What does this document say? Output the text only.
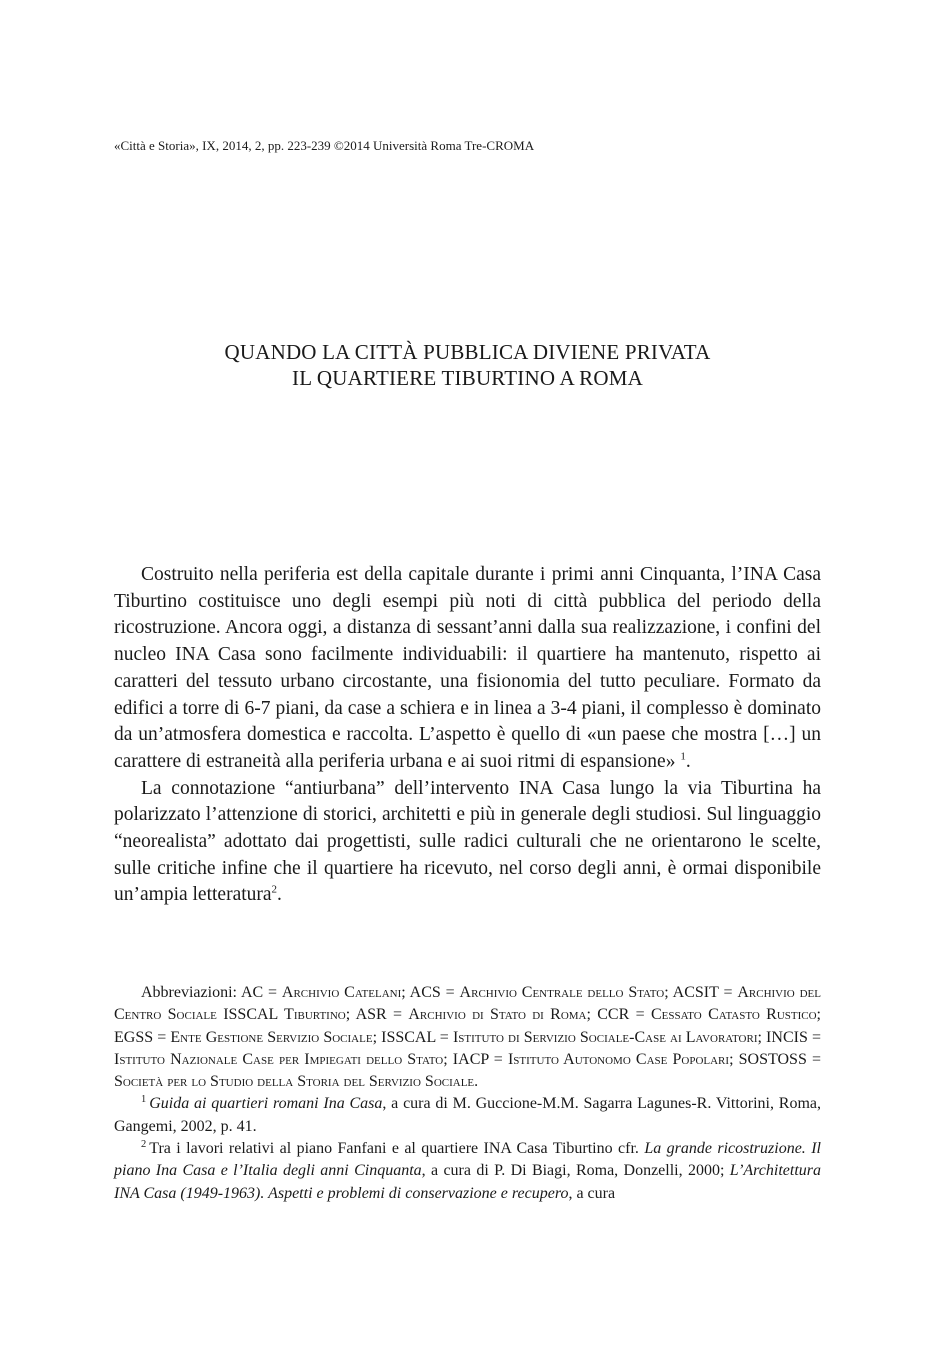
«Città e Storia», IX, 2014, 2, pp. 223-239 ©2014 Università Roma Tre-CROMA
QUANDO LA CITTÀ PUBBLICA DIVIENE PRIVATA
IL QUARTIERE TIBURTINO A ROMA

Costruito nella periferia est della capitale durante i primi anni Cinquanta, l’INA Casa Tiburtino costituisce uno degli esempi più noti di città pubblica del periodo della ricostruzione. Ancora oggi, a distanza di sessant’anni dalla sua realizzazione, i confini del nucleo INA Casa sono facilmente individuabili: il quartiere ha mantenuto, rispetto ai caratteri del tessuto urbano circostante, una fisionomia del tutto peculiare. Formato da edifici a torre di 6-7 piani, da case a schiera e in linea a 3-4 piani, il complesso è dominato da un’atmosfera domestica e raccolta. L’aspetto è quello di «un paese che mostra […] un carattere di estraneità alla periferia urbana e ai suoi ritmi di espansione» $^1$.

La connotazione “antiurbana” dell’intervento INA Casa lungo la via Tiburtina ha polarizzato l’attenzione di storici, architetti e più in generale degli studiosi. Sul linguaggio “neorealista” adottato dai progettisti, sulle radici culturali che ne orientarono le scelte, sulle critiche infine che il quartiere ha ricevuto, nel corso degli anni, è ormai disponibile un’ampia letteratura$^2$.

Abbreviazioni: AC = Archivio Catelani; ACS = Archivio Centrale dello Stato; ACSIT = Archivio del Centro Sociale ISSCAL Tiburtino; ASR = Archivio di Stato di Roma; CCR = Cessato Catasto Rustico; EGSS = Ente Gestione Servizio Sociale; ISSCAL = Istituto di Servizio Sociale-Case ai Lavoratori; INCIS = Istituto Nazionale Case per Impiegati dello Stato; IACP = Istituto Autonomo Case Popolari; SOSTOSS = Società per lo Studio della Storia del Servizio Sociale.

$^1$ Guida ai quartieri romani Ina Casa, a cura di M. Guccione-M.M. Sagarra Lagunes-R. Vittorini, Roma, Gangemi, 2002, p. 41.

$^2$ Tra i lavori relativi al piano Fanfani e al quartiere INA Casa Tiburtino cfr. La grande ricostruzione. Il piano Ina Casa e l’Italia degli anni Cinquanta, a cura di P. Di Biagi, Roma, Donzelli, 2000; L’Architettura INA Casa (1949-1963). Aspetti e problemi di conservazione e recupero, a cura
